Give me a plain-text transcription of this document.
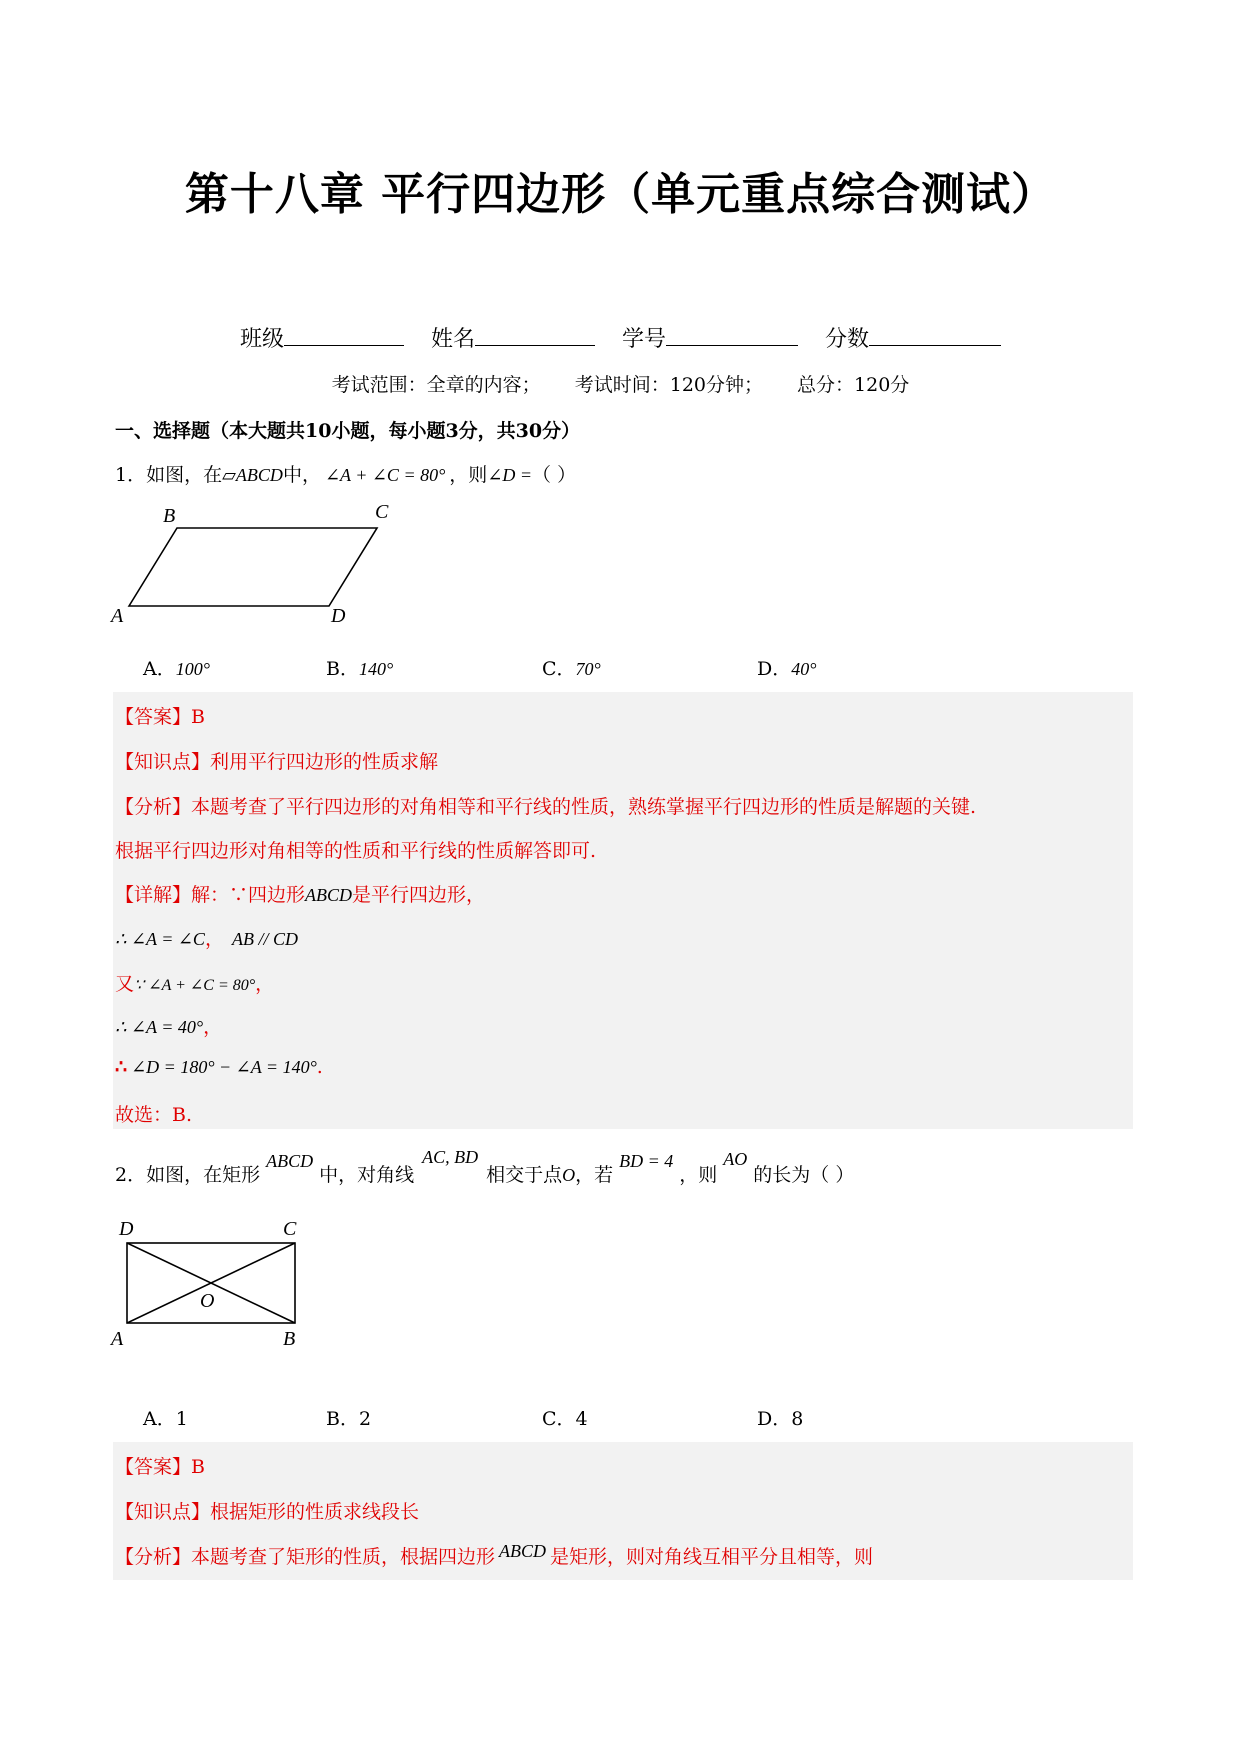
第十八章 平行四边形（单元重点综合测试）
班级	姓名	学号	分数
考试范围：全章的内容； 考试时间：120分钟； 总分：120分
一、选择题（本大题共10小题，每小题3分，共30分）
1．如图，在▱ABCD中， ∠A + ∠C = 80° ，则∠D =（ ）
A
B	C
D
A．100°	B．140°	C．70°	D．40°
【答案】B
【知识点】利用平行四边形的性质求解
【分析】本题考查了平行四边形的对角相等和平行线的性质，熟练掌握平行四边形的性质是解题的关键.
根据平行四边形对角相等的性质和平行线的性质解答即可.
【详解】解：∵四边形ABCD是平行四边形，
∴ ∠A = ∠C， AB // CD
又∵ ∠A + ∠C = 80°，
∴ ∠A = 40°，
∴ ∠D = 180° − ∠A = 140°.
故选：B.
2．如图，在矩形ABCD中，对角线AC, BD相交于点O，若BD = 4，则AO的长为（ ）
D	C
O
A	B
A．1	B．2	C．4	D．8
【答案】B
【知识点】根据矩形的性质求线段长
【分析】本题考查了矩形的性质，根据四边形 ABCD 是矩形，则对角线互相平分且相等，则
